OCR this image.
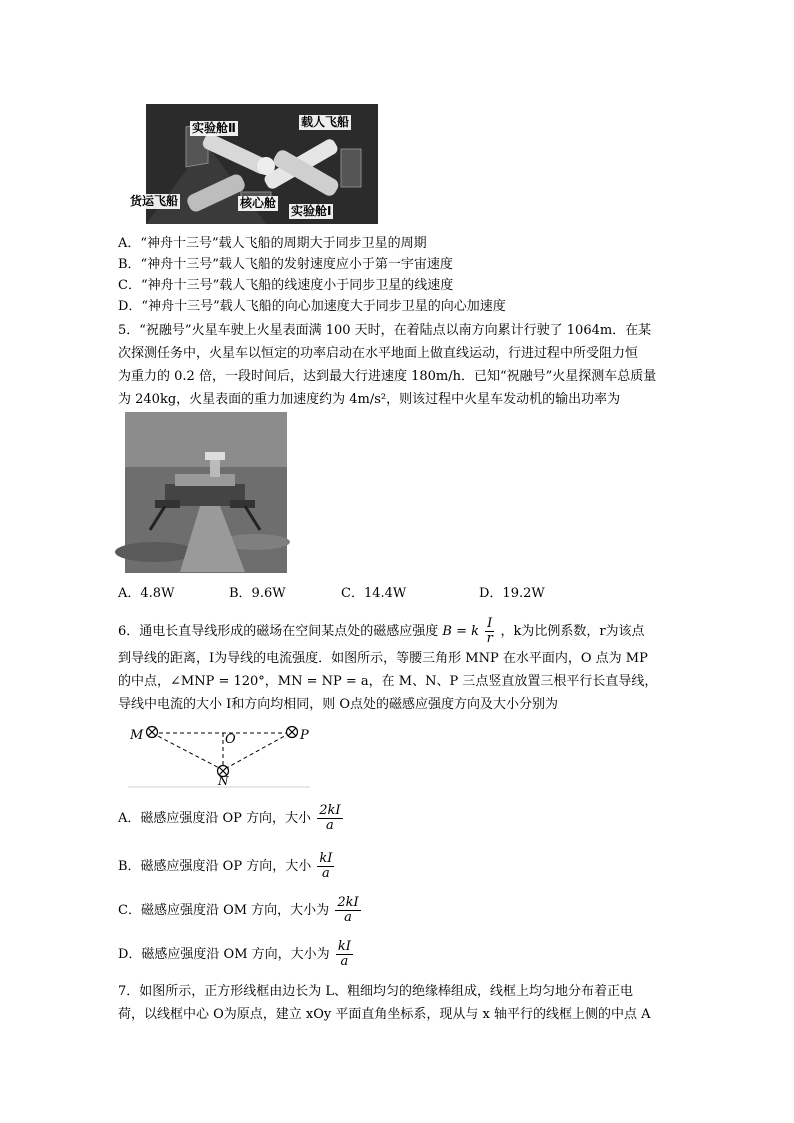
实验舱Ⅱ	载人飞船
货运飞船	核心舱
实验舱Ⅰ
A．“神舟十三号”载人飞船的周期大于同步卫星的周期
B．“神舟十三号”载人飞船的发射速度应小于第一宇宙速度
C．“神舟十三号”载人飞船的线速度小于同步卫星的线速度
D．“神舟十三号”载人飞船的向心加速度大于同步卫星的向心加速度
5．“祝融号”火星车驶上火星表面满 100 天时，在着陆点以南方向累计行驶了 1064m．在某
次探测任务中，火星车以恒定的功率启动在水平地面上做直线运动，行进过程中所受阻力恒
为重力的 0.2 倍，一段时间后，达到最大行进速度 180m/h．已知“祝融号”火星探测车总质量
为 240kg，火星表面的重力加速度约为 4m/s²，则该过程中火星车发动机的输出功率为
A．4.8W	B．9.6W	C．14.4W	D．19.2W
6．通电长直导线形成的磁场在空间某点处的磁感应强度 B = k $\frac{I}{r}$ ，k为比例系数，r为该点
到导线的距离，I为导线的电流强度．如图所示，等腰三角形 MNP 在水平面内，O 点为 MP
的中点，∠MNP = 120°，MN = NP = a，在 M、N、P 三点竖直放置三根平行长直导线，
导线中电流的大小 I和方向均相同，则 O点处的磁感应强度方向及大小分别为
M	O	P
N
A．磁感应强度沿 OP 方向，大小 $\frac{2kI}{a}$
B．磁感应强度沿 OP 方向，大小 $\frac{kI}{a}$
C．磁感应强度沿 OM 方向，大小为 $\frac{2kI}{a}$
D．磁感应强度沿 OM 方向，大小为 $\frac{kI}{a}$
7．如图所示，正方形线框由边长为 L、粗细均匀的绝缘棒组成，线框上均匀地分布着正电
荷，以线框中心 O为原点，建立 xOy 平面直角坐标系，现从与 x 轴平行的线框上侧的中点 A
